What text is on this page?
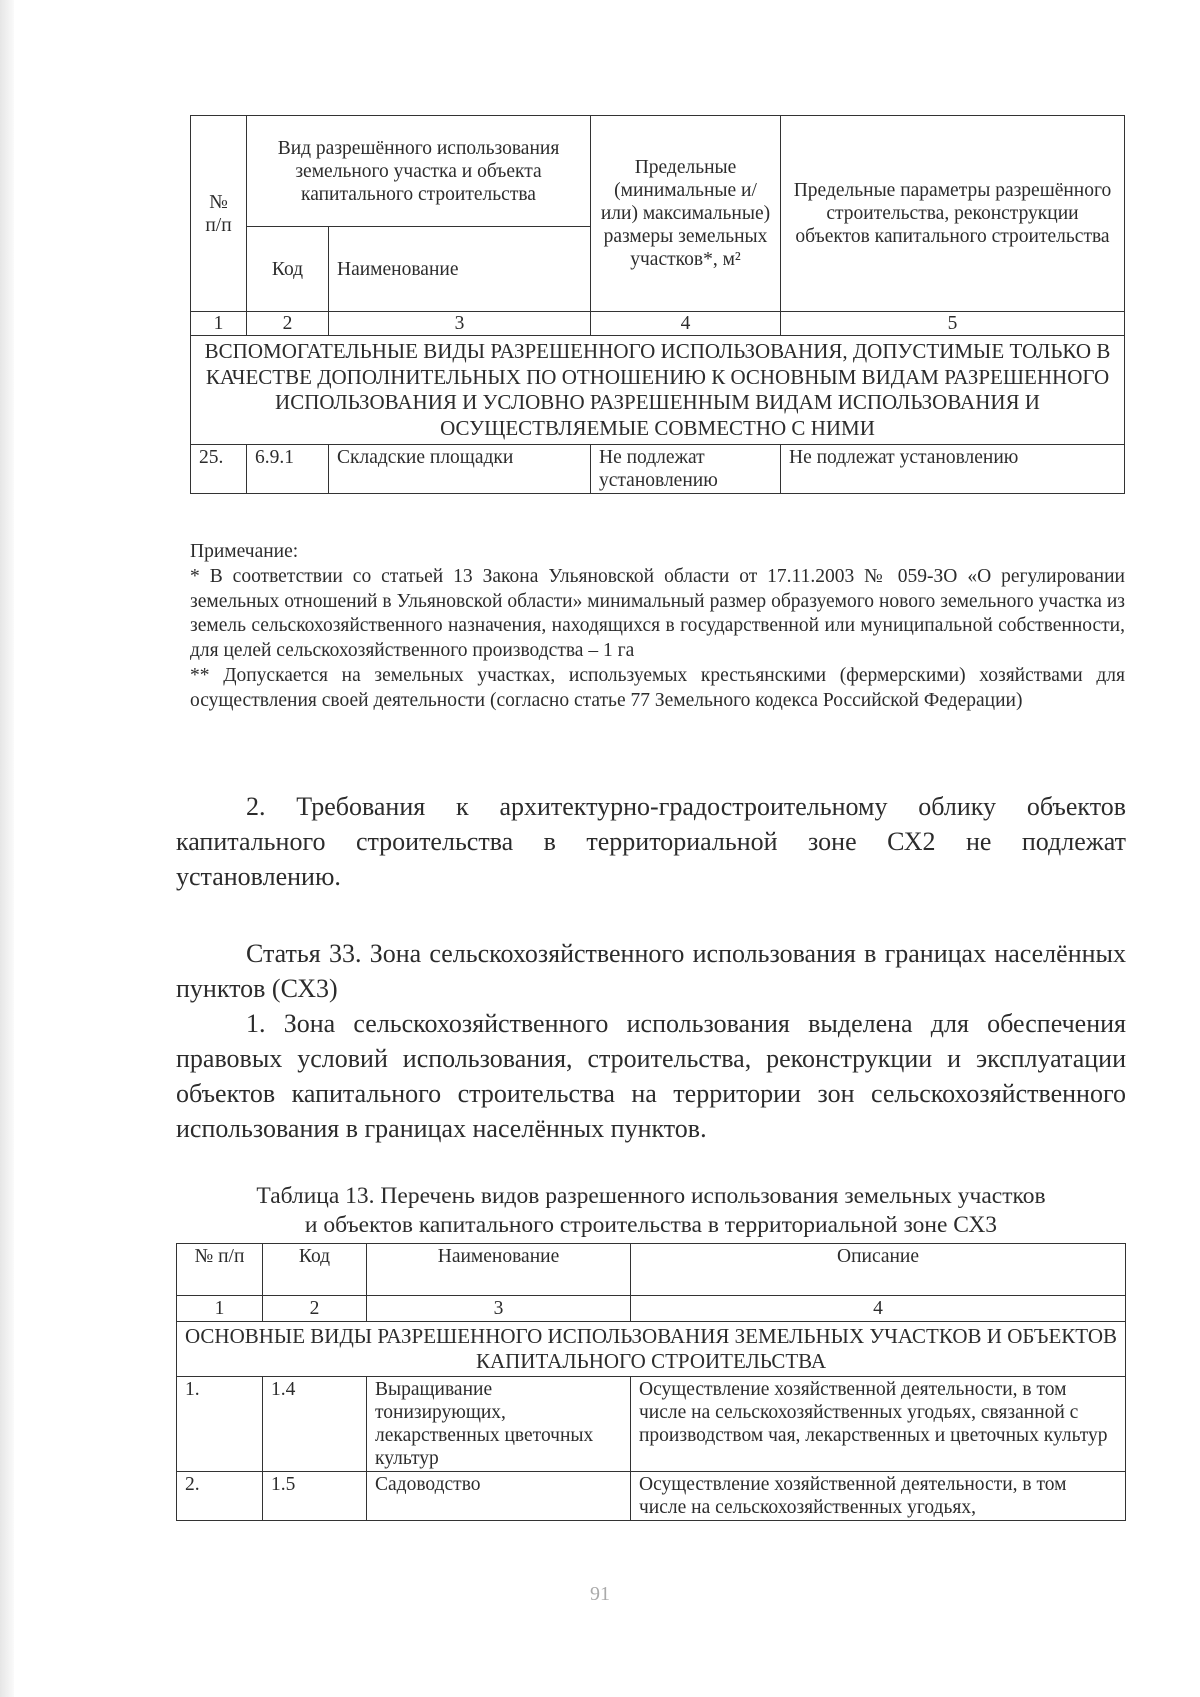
№ п/п	Вид разрешённого использования земельного участка и объекта капитального строительства		Предельные (минимальные и/или) максимальные) размеры земельных участков*, м²	Предельные параметры разрешённого строительства, реконструкции объектов капитального строительства
	Код	Наименование		
1	2	3	4	5
ВСПОМОГАТЕЛЬНЫЕ ВИДЫ РАЗРЕШЕННОГО ИСПОЛЬЗОВАНИЯ, ДОПУСТИМЫЕ ТОЛЬКО В КАЧЕСТВЕ ДОПОЛНИТЕЛЬНЫХ ПО ОТНОШЕНИЮ К ОСНОВНЫМ ВИДАМ РАЗРЕШЕННОГО ИСПОЛЬЗОВАНИЯ И УСЛОВНО РАЗРЕШЕННЫМ ВИДАМ ИСПОЛЬЗОВАНИЯ И ОСУЩЕСТВЛЯЕМЫЕ СОВМЕСТНО С НИМИ				
25.	6.9.1	Складские площадки	Не подлежат установлению	Не подлежат установлению
Примечание:
* В соответствии со статьей 13 Закона Ульяновской области от 17.11.2003 № 059-ЗО «О регулировании земельных отношений в Ульяновской области» минимальный размер образуемого нового земельного участка из земель сельскохозяйственного назначения, находящихся в государственной или муниципальной собственности, для целей сельскохозяйственного производства – 1 га
** Допускается на земельных участках, используемых крестьянскими (фермерскими) хозяйствами для осуществления своей деятельности (согласно статье 77 Земельного кодекса Российской Федерации)
2. Требования к архитектурно-градостроительному облику объектов капитального строительства в территориальной зоне СХ2 не подлежат установлению.
Статья 33. Зона сельскохозяйственного использования в границах населённых пунктов (СХ3)
1. Зона сельскохозяйственного использования выделена для обеспечения правовых условий использования, строительства, реконструкции и эксплуатации объектов капитального строительства на территории зон сельскохозяйственного использования в границах населённых пунктов.
Таблица 13. Перечень видов разрешенного использования земельных участков
и объектов капитального строительства в территориальной зоне СХ3
№ п/п	Код	Наименование	Описание
1	2	3	4
ОСНОВНЫЕ ВИДЫ РАЗРЕШЕННОГО ИСПОЛЬЗОВАНИЯ ЗЕМЕЛЬНЫХ УЧАСТКОВ И ОБЪЕКТОВ КАПИТАЛЬНОГО СТРОИТЕЛЬСТВА			
1.	1.4	Выращивание тонизирующих, лекарственных цветочных культур	Осуществление хозяйственной деятельности, в том числе на сельскохозяйственных угодьях, связанной с производством чая, лекарственных и цветочных культур
2.	1.5	Садоводство	Осуществление хозяйственной деятельности, в том числе на сельскохозяйственных угодьях,
91
